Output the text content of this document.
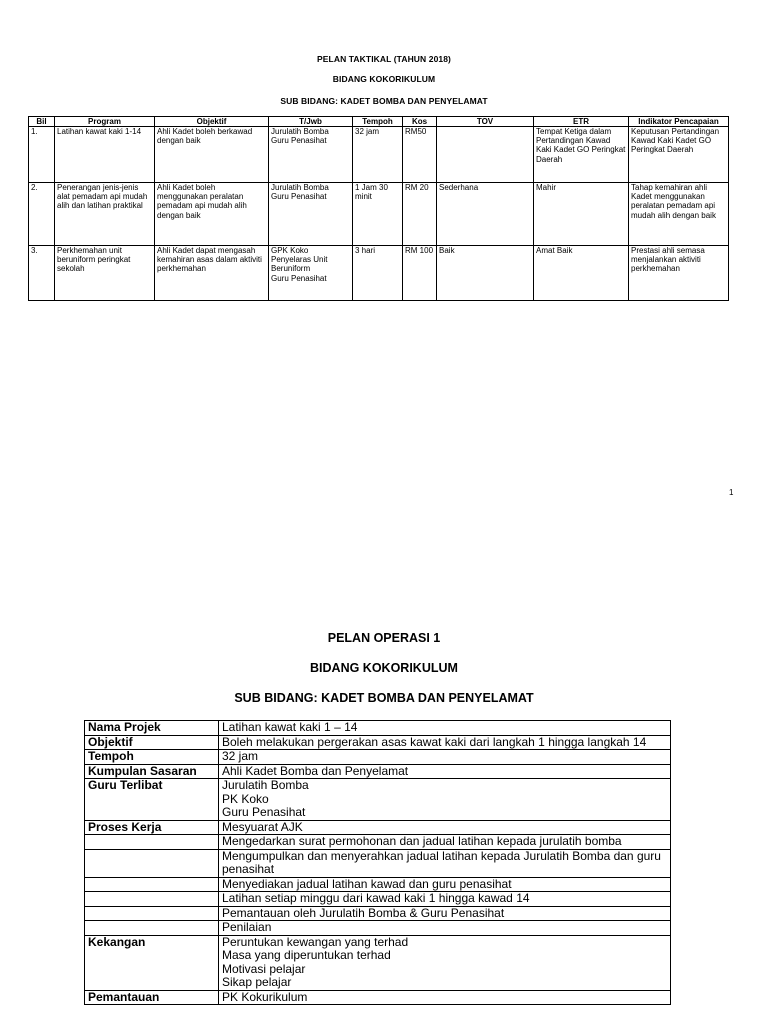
PELAN TAKTIKAL (TAHUN 2018)
BIDANG KOKORIKULUM
SUB BIDANG: KADET BOMBA DAN PENYELAMAT
Bil	Program	Objektif	T/Jwb	Tempoh	Kos	TOV	ETR	Indikator Pencapaian
1.	Latihan kawat kaki 1-14	Ahli Kadet boleh berkawad dengan baik	Jurulatih Bomba
Guru Penasihat	32 jam	RM50		Tempat Ketiga dalam Pertandingan Kawad Kaki Kadet GO Peringkat Daerah	Keputusan Pertandingan Kawad Kaki Kadet GO Peringkat Daerah
2.	Penerangan jenis-jenis alat pemadam api mudah alih dan latihan praktikal	Ahli Kadet boleh menggunakan peralatan pemadam api mudah alih dengan baik	Jurulatih Bomba
Guru Penasihat	1 Jam 30 minit	RM 20	Sederhana	Mahir	Tahap kemahiran ahli Kadet menggunakan peralatan pemadam api mudah alih dengan baik
3.	Perkhemahan unit beruniform peringkat sekolah	Ahli Kadet dapat mengasah kemahiran asas dalam aktiviti perkhemahan	GPK Koko
Penyelaras Unit Beruniform
Guru Penasihat	3 hari	RM 100	Baik	Amat Baik	Prestasi ahli semasa menjalankan aktiviti perkhemahan
1
PELAN OPERASI 1
BIDANG KOKORIKULUM
SUB BIDANG: KADET BOMBA DAN PENYELAMAT
Nama Projek	Latihan kawat kaki 1 – 14
Objektif	Boleh melakukan pergerakan asas kawat kaki dari langkah 1 hingga langkah 14
Tempoh	32 jam
Kumpulan Sasaran	Ahli Kadet Bomba dan Penyelamat
Guru Terlibat	Jurulatih Bomba
PK Koko
Guru Penasihat

Proses Kerja	Mesyuarat AJK
	Mengedarkan surat permohonan dan jadual latihan kepada jurulatih bomba
	Mengumpulkan dan menyerahkan jadual latihan kepada Jurulatih Bomba dan guru penasihat
	Menyediakan jadual latihan kawad dan guru penasihat
	Latihan setiap minggu dari kawad kaki 1 hingga kawad 14
	Pemantauan oleh Jurulatih Bomba & Guru Penasihat
	Penilaian
Kekangan	Peruntukan kewangan yang terhad
Masa yang diperuntukan terhad
Motivasi pelajar
Sikap pelajar

Pemantauan	PK Kokurikulum
